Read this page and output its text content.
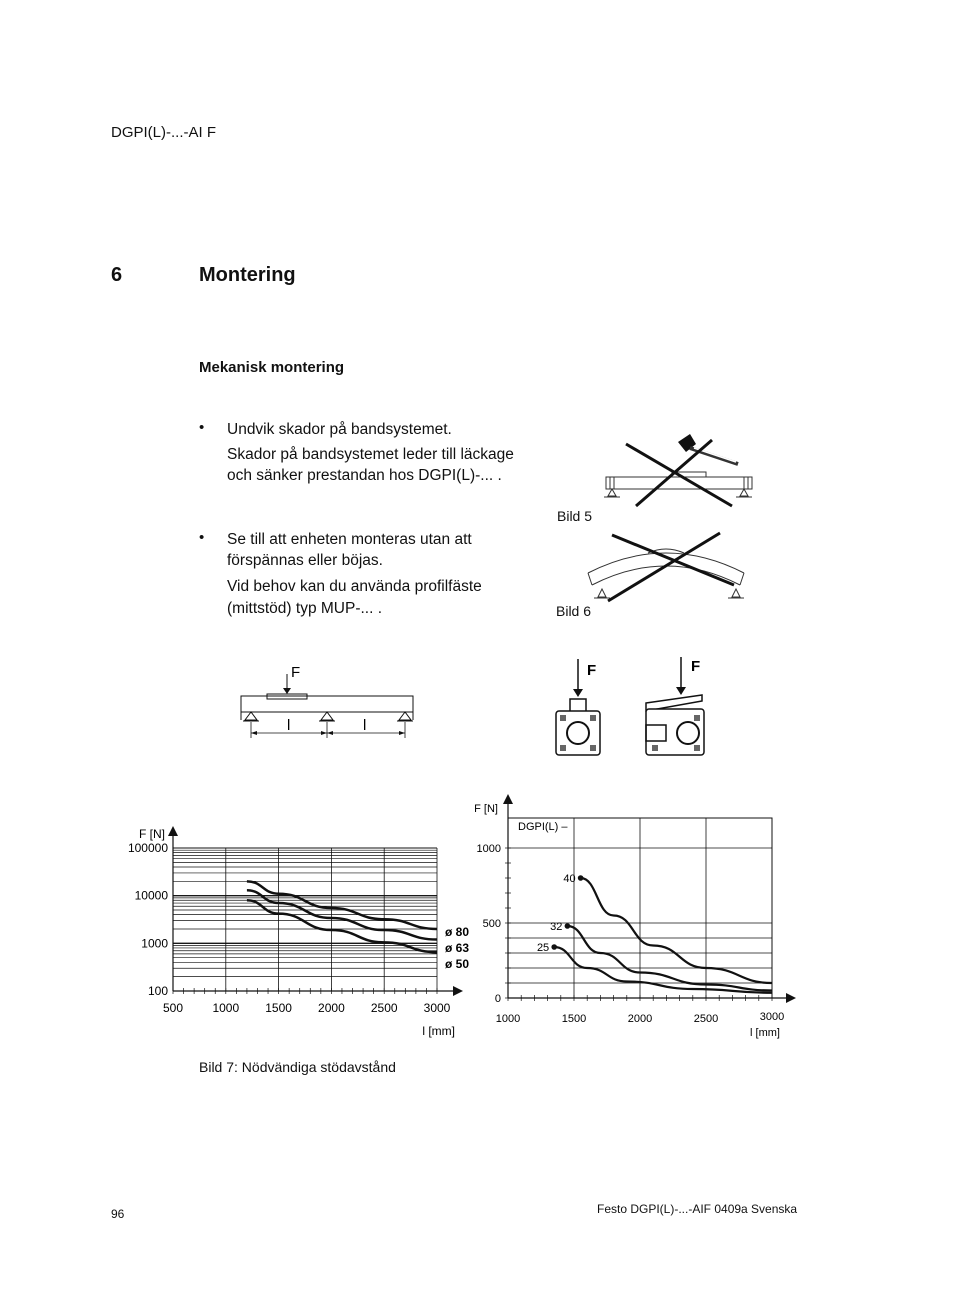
DGPI(L)-...-AI F
6	Montering
Mekanisk montering
• Undvik skador på bandsystemet.
Skador på bandsystemet leder till läckage
och sänker prestandan hos DGPI(L)-... .
• Se till att enheten monteras utan att
förspännas eller böjas.
Vid behov kan du använda profilfäste
(mittstöd) typ MUP-... .
Bild 5
Bild 6
F
l	l
F	F
500 1000 1500 2000 2500 3000
100
1000
10000
100000
F [N]
l [mm]
ø 80
ø 63
ø 50
1000	1500	2000	2500	3000
0
500
1000
F [N]
l [mm]
DGPI(L) –
40
32
25
Bild 7: Nödvändiga stödavstånd
96	Festo DGPI(L)-...-AIF 0409a Svenska
